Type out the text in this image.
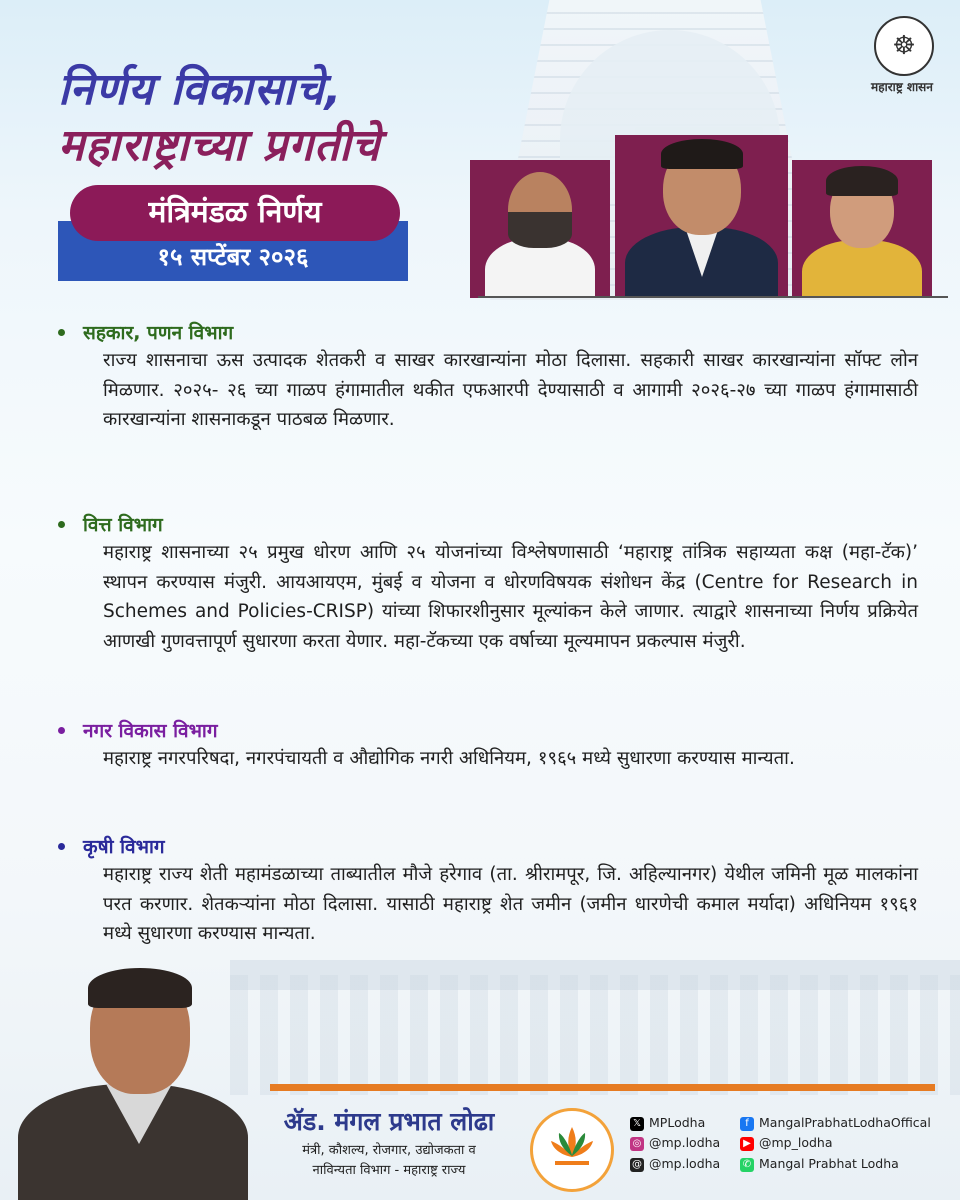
निर्णय विकासाचे,
महाराष्ट्राच्या प्रगतीचे
मंत्रिमंडळ निर्णय
१५ सप्टेंबर २०२६
☸
महाराष्ट्र शासन
सहकार, पणन विभाग
राज्य शासनाचा ऊस उत्पादक शेतकरी व साखर कारखान्यांना मोठा दिलासा. सहकारी साखर कारखान्यांना सॉफ्ट लोन मिळणार. २०२५- २६ च्या गाळप हंगामातील थकीत एफआरपी देण्यासाठी व आगामी २०२६-२७ च्या गाळप हंगामासाठी कारखान्यांना शासनाकडून पाठबळ मिळणार.
वित्त विभाग
महाराष्ट्र शासनाच्या २५ प्रमुख धोरण आणि २५ योजनांच्या विश्लेषणासाठी ‘महाराष्ट्र तांत्रिक सहाय्यता कक्ष (महा-टॅक)’ स्थापन करण्यास मंजुरी. आयआयएम, मुंबई व योजना व धोरणविषयक संशोधन केंद्र (Centre for Research in Schemes and Policies-CRISP) यांच्या शिफारशीनुसार मूल्यांकन केले जाणार. त्याद्वारे शासनाच्या निर्णय प्रक्रियेत आणखी गुणवत्तापूर्ण सुधारणा करता येणार. महा-टॅकच्या एक वर्षाच्या मूल्यमापन प्रकल्पास मंजुरी.
नगर विकास विभाग
महाराष्ट्र नगरपरिषदा, नगरपंचायती व औद्योगिक नगरी अधिनियम, १९६५ मध्ये सुधारणा करण्यास मान्यता.
कृषी विभाग
महाराष्ट्र राज्य शेती महामंडळाच्या ताब्यातील मौजे हरेगाव (ता. श्रीरामपूर, जि. अहिल्यानगर) येथील जमिनी मूळ मालकांना परत करणार. शेतकऱ्यांना मोठा दिलासा. यासाठी महाराष्ट्र शेत जमीन (जमीन धारणेची कमाल मर्यादा) अधिनियम १९६१ मध्ये सुधारणा करण्यास मान्यता.
ॲड. मंगल प्रभात लोढा
मंत्री, कौशल्य, रोजगार, उद्योजकता व
नाविन्यता विभाग - महाराष्ट्र राज्य
𝕏 MPLodha	f MangalPrabhatLodhaOffical
◎ @mp.lodha	▶ @mp_lodha
@ @mp.lodha ✆ Mangal Prabhat Lodha
